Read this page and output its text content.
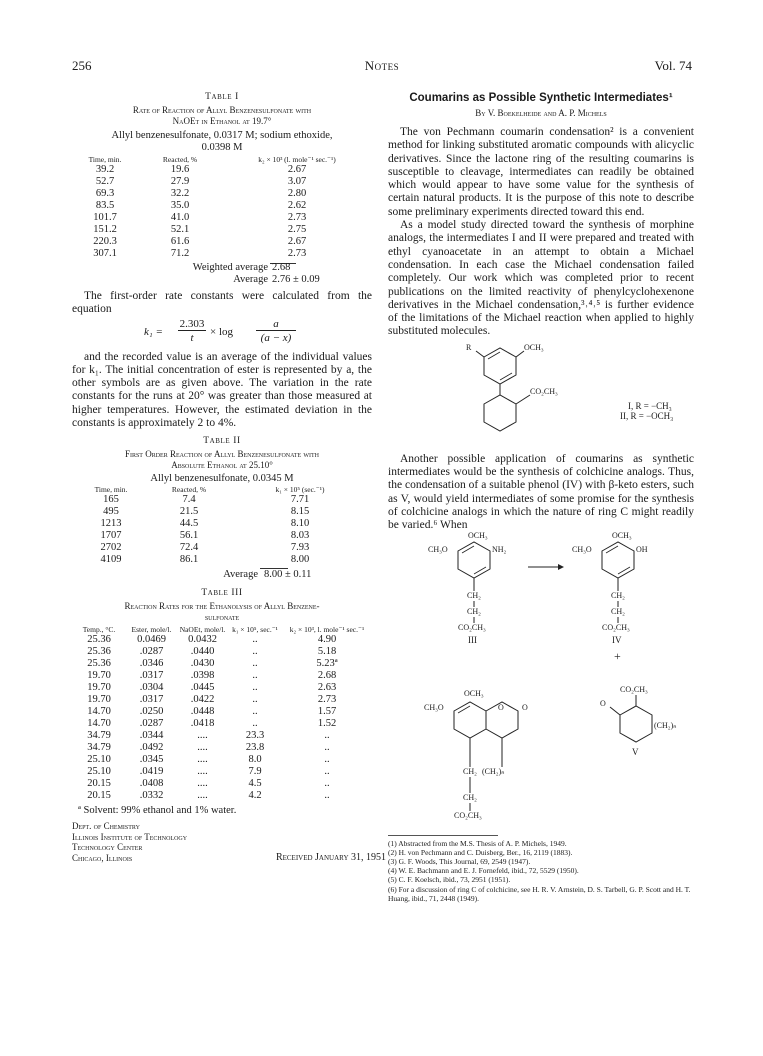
256	Notes	Vol. 74
Table I
Rate of Reaction of Allyl Benzenesulfonate with
NaOEt in Ethanol at 19.7°
Allyl benzenesulfonate, 0.0317 M; sodium ethoxide,
0.0398 M
Time, min.	Reacted, %	k₂ × 10³ (l. mole⁻¹ sec.⁻¹)
39.2	19.6	2.67
52.7	27.9	3.07
69.3	32.2	2.80
83.5	35.0	2.62
101.7	41.0	2.73
151.2	52.1	2.75
220.3	61.6	2.67
307.1	71.2	2.73
Weighted average 2.68
Average 2.76 ± 0.09

The first-order rate constants were calculated from the equation

k₁ =
2.303
t	× log
a
(a − x)

and the recorded value is an average of the individual values for k₁. The initial concentration of ester is represented by a, the other symbols are as given above. The variation in the rate constants for the runs at 20° was greater than those measured at higher temperatures. However, the estimated deviation in the constants is approximately 2 to 4%.

Table II
First Order Reaction of Allyl Benzenesulfonate with
Absolute Ethanol at 25.10°
Allyl benzenesulfonate, 0.0345 M
Time, min.	Reacted, %	k₁ × 10⁵ (sec.⁻¹)
165	7.4	7.71
495	21.5	8.15
1213	44.5	8.10
1707	56.1	8.03
2702	72.4	7.93
4109	86.1	8.00
Average 8.00 ± 0.11
Table III
Reaction Rates for the Ethanolysis of Allyl Benzene-
sulfonate
Temp., °C.	Ester, mole/l.	NaOEt, mole/l.	k₁ × 10⁵, sec.⁻¹	k₂ × 10³, l. mole⁻¹ sec.⁻¹
25.36	0.0469	0.0432	..	4.90
25.36	.0287	.0440	..	5.18
25.36	.0346	.0430	..	5.23ª
19.70	.0317	.0398	..	2.68
19.70	.0304	.0445	..	2.63
19.70	.0317	.0422	..	2.73
14.70	.0250	.0448	..	1.57
14.70	.0287	.0418	..	1.52
34.79	.0344	....	23.3	..
34.79	.0492	....	23.8	..
25.10	.0345	....	8.0	..
25.10	.0419	....	7.9	..
20.15	.0408	....	4.5	..
20.15	.0332	....	4.2	..
ª Solvent: 99% ethanol and 1% water.
Dept. of Chemistry
Illinois Institute of Technology
Technology Center
Chicago, Illinois	Received January 31, 1951
Coumarins as Possible Synthetic Intermediates¹
By V. Boekelheide and A. P. Michels

The von Pechmann coumarin condensation² is a convenient method for linking substituted aromatic compounds with alicyclic derivatives. Since the lactone ring of the resulting coumarins is susceptible to cleavage, intermediates can readily be obtained which would appear to have some value for the synthesis of certain natural products. It is the purpose of this note to describe some preliminary experiments directed toward this end.

As a model study directed toward the synthesis of morphine analogs, the intermediates I and II were prepared and treated with ethyl cyanoacetate in an attempt to obtain a Michael condensation. In each case the Michael condensation failed completely. Our work which was completed prior to recent publications on the limited reactivity of phenylcyclohexenone derivatives in the Michael condensation,³˒⁴˒⁵ is further evidence of the limitations of the Michael reaction when applied to highly substituted molecules.

R	OCH₃
CO₂CH₃
I, R = −CH₃
II, R = −OCH₃

Another possible application of coumarins as synthetic intermediates would be the synthesis of colchicine analogs. Thus, the condensation of a suitable phenol (IV) with β-keto esters, such as V, would yield intermediates of some promise for the synthesis of colchicine analogs in which the nature of ring C might readily be varied.⁶ When

OCH₃
CH₃O	NH₂
CH₂
CH₂
CO₂CH₃
III
OCH₃
CH₃O	OH
CH₂
CH₂
CO₂CH₃
IV
+
OCH₃
CH₃O	O O
CH₂ (CH₂)ₙ
CH₂
CO₂CH₃
CO₂CH₃
O
(CH₂)ₙ
V
(1) Abstracted from the M.S. Thesis of A. P. Michels, 1949.
(2) H. von Pechmann and C. Duisberg, Ber., 16, 2119 (1883).
(3) G. F. Woods, This Journal, 69, 2549 (1947).
(4) W. E. Bachmann and E. J. Fornefeld, ibid., 72, 5529 (1950).
(5) C. F. Koelsch, ibid., 73, 2951 (1951).
(6) For a discussion of ring C of colchicine, see H. R. V. Arnstein, D. S. Tarbell, G. P. Scott and H. T. Huang, ibid., 71, 2448 (1949).
